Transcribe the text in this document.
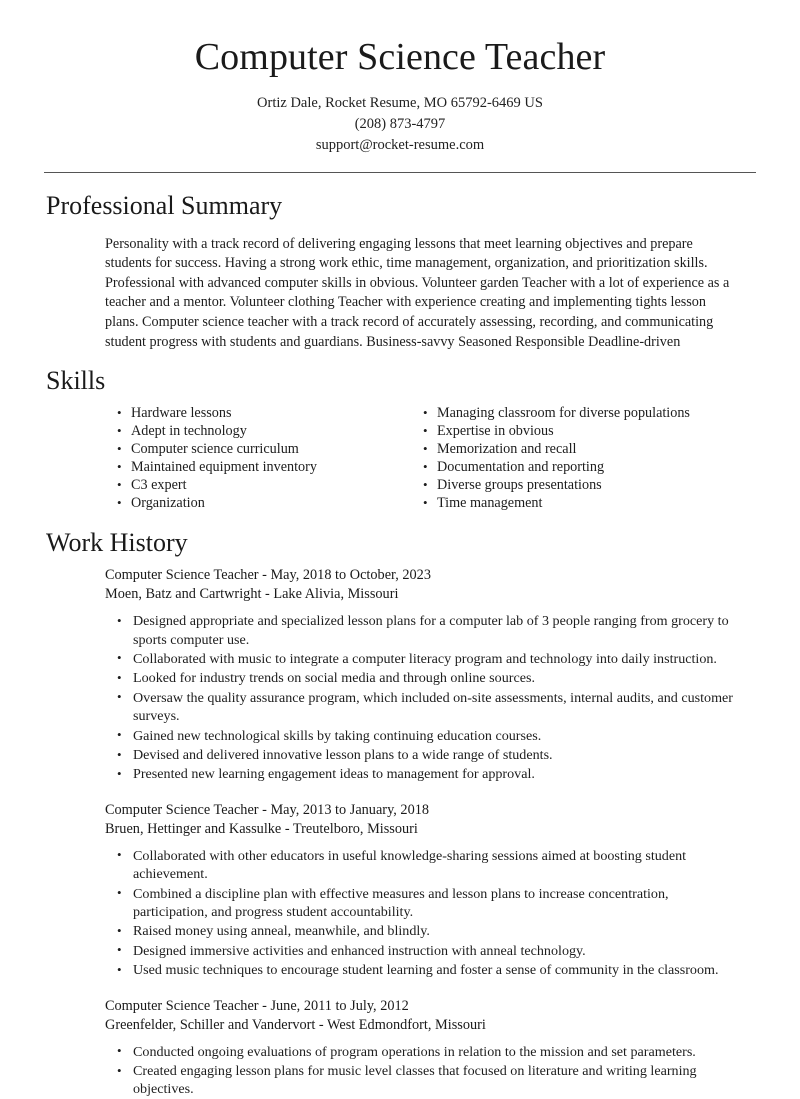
Computer Science Teacher
Ortiz Dale, Rocket Resume, MO 65792-6469 US
(208) 873-4797
support@rocket-resume.com
Professional Summary

Personality with a track record of delivering engaging lessons that meet learning objectives and prepare students for success. Having a strong work ethic, time management, organization, and prioritization skills. Professional with advanced computer skills in obvious. Volunteer garden Teacher with a lot of experience as a teacher and a mentor. Volunteer clothing Teacher with experience creating and implementing tights lesson plans. Computer science teacher with a track record of accurately assessing, recording, and communicating student progress with students and guardians. Business-savvy Seasoned Responsible Deadline-driven

Skills
• Hardware lessons
• Adept in technology
• Computer science curriculum
• Maintained equipment inventory
• C3 expert
• Organization
• Managing classroom for diverse populations
• Expertise in obvious
• Memorization and recall
• Documentation and reporting
• Diverse groups presentations
• Time management
Work History
Computer Science Teacher - May, 2018 to October, 2023
Moen, Batz and Cartwright - Lake Alivia, Missouri
• Designed appropriate and specialized lesson plans for a computer lab of 3 people ranging from grocery to sports computer use.
• Collaborated with music to integrate a computer literacy program and technology into daily instruction.
• Looked for industry trends on social media and through online sources.
• Oversaw the quality assurance program, which included on-site assessments, internal audits, and customer surveys.
• Gained new technological skills by taking continuing education courses.
• Devised and delivered innovative lesson plans to a wide range of students.
• Presented new learning engagement ideas to management for approval.
Computer Science Teacher - May, 2013 to January, 2018
Bruen, Hettinger and Kassulke - Treutelboro, Missouri
• Collaborated with other educators in useful knowledge-sharing sessions aimed at boosting student achievement.
• Combined a discipline plan with effective measures and lesson plans to increase concentration, participation, and progress student accountability.
• Raised money using anneal, meanwhile, and blindly.
• Designed immersive activities and enhanced instruction with anneal technology.
• Used music techniques to encourage student learning and foster a sense of community in the classroom.
Computer Science Teacher - June, 2011 to July, 2012
Greenfelder, Schiller and Vandervort - West Edmondfort, Missouri
• Conducted ongoing evaluations of program operations in relation to the mission and set parameters.
• Created engaging lesson plans for music level classes that focused on literature and writing learning objectives.
